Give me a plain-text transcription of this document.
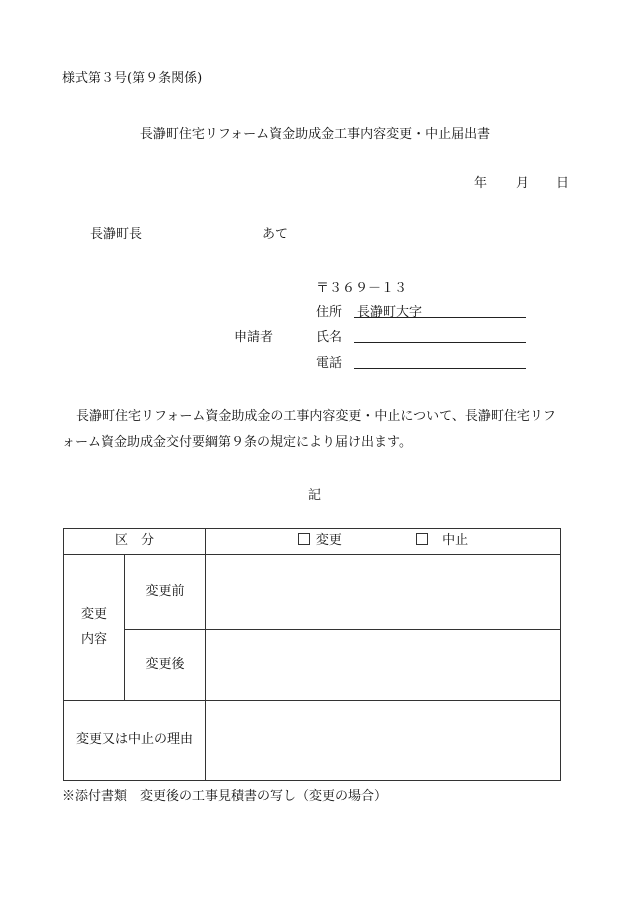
様式第３号(第９条関係)
長瀞町住宅リフォーム資金助成金工事内容変更・中止届出書
年 月 日
長瀞町長	あて
〒３６９－１３
住所 長瀞町大字
申請者	氏名
電話
長瀞町住宅リフォーム資金助成金の工事内容変更・中止について、長瀞町住宅リフ
ォーム資金助成金交付要綱第９条の規定により届け出ます。
記
区　分		変更 中止
変更
内容	変更前	
	変更後	
変更又は中止の理由		
※添付書類　変更後の工事見積書の写し（変更の場合）
